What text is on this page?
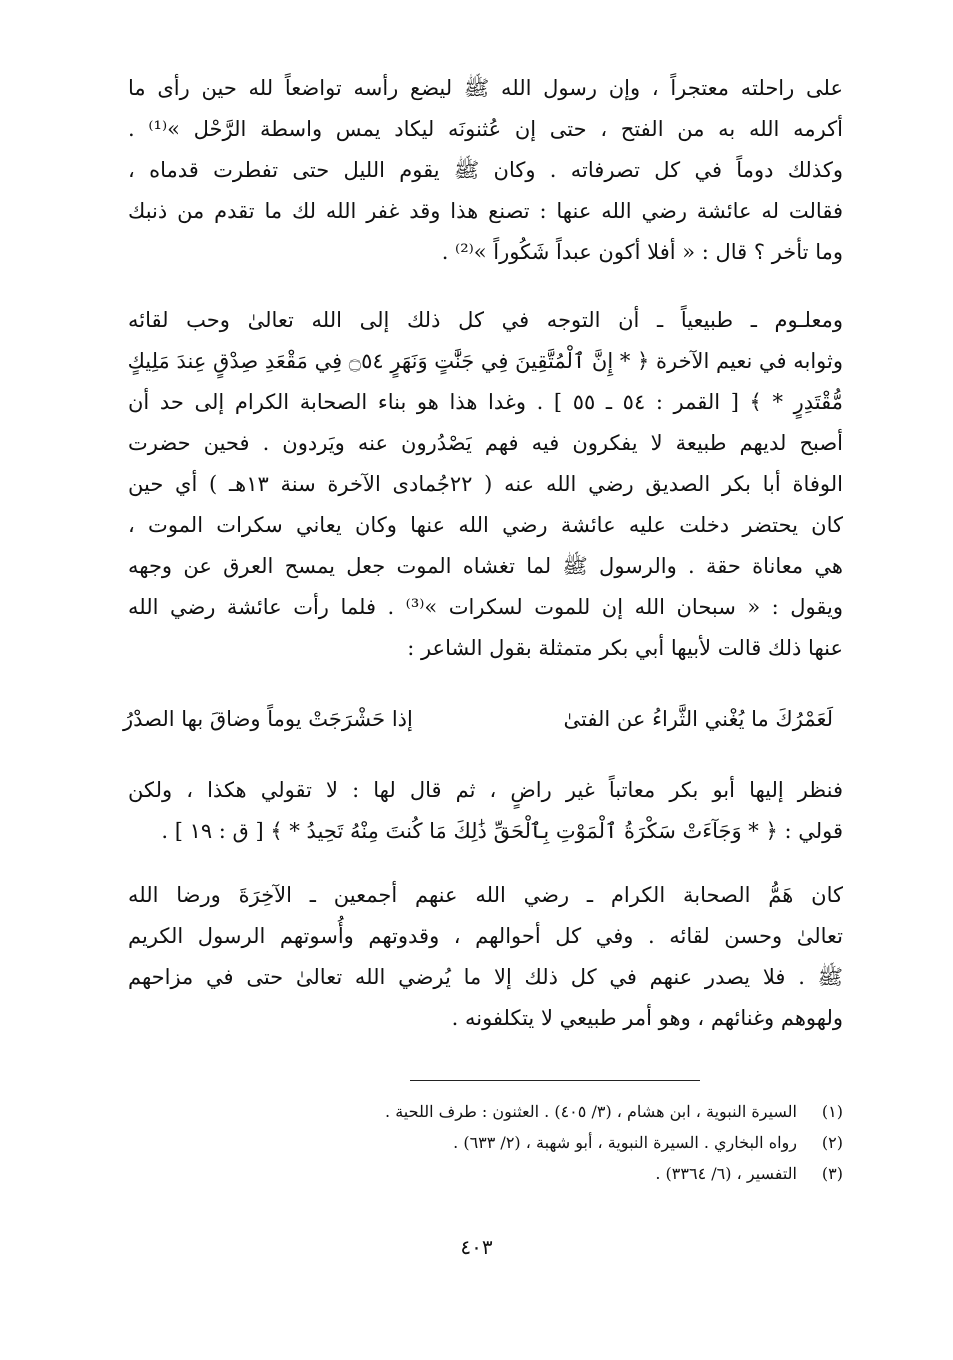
على راحلته معتجراً ، وإن رسول الله ﷺ ليضع رأسه تواضعاً لله حين رأى ما
أكرمه الله به من الفتح ، حتى إن عُثنونَه ليكاد يمس واسطة الرَّحْل »⁽¹⁾ .
وكذلك دوماً في كل تصرفاته . وكان ﷺ يقوم الليل حتى تفطرت قدماه ،
فقالت له عائشة رضي الله عنها : تصنع هذا وقد غفر الله لك ما تقدم من ذنبك
وما تأخر ؟ قال : « أفلا أكون عبداً شَكُوراً »⁽²⁾ .
ومعلـوم ـ طبيعياً ـ أن التوجه في كل ذلك إلى الله تعالىٰ وحب لقائه
وثوابه في نعيم الآخرة ﴿ * إِنَّ ٱلْمُتَّقِينَ فِي جَنَّٰتٍ وَنَهَرٍ ۝٥٤ فِي مَقْعَدِ صِدْقٍ عِندَ مَلِيكٍ
مُّقْتَدِرٍ * ﴾ [ القمر : ٥٤ ـ ٥٥ ] . وغدا هذا هو بناء الصحابة الكرام إلى حد أن
أصبح لديهم طبيعة لا يفكرون فيه فهم يَصْدُرون عنه ويَردون . فحين حضرت
الوفاة أبا بكر الصديق رضي الله عنه ( ٢٢جُمادى الآخرة سنة ١٣هـ ) أي حين
كان يحتضر دخلت عليه عائشة رضي الله عنها وكان يعاني سكرات الموت ،
هي معاناة حقة . والرسول ﷺ لما تغشاه الموت جعل يمسح العرق عن وجهه
ويقول : « سبحان الله إن للموت لسكرات »⁽³⁾ . فلما رأت عائشة رضي الله
عنها ذلك قالت لأبيها أبي بكر متمثلة بقول الشاعر :
لَعَمْرُكَ ما يُغْني الثَّراءُ عن الفتىٰ
إذا حَشْرَجَتْ يوماً وضاقَ بها الصدْرُ
فنظر إليها أبو بكر معاتباً غير راضٍ ، ثم قال لها : لا تقولي هكذا ، ولكن
قولي : ﴿ * وَجَآءَتْ سَكْرَةُ ٱلْمَوْتِ بِٱلْحَقِّ ذَٰلِكَ مَا كُنتَ مِنْهُ تَحِيدُ * ﴾ [ ق : ١٩ ] .
كان هَمُّ الصحابة الكرام ـ رضي الله عنهم أجمعين ـ الآخِرَةَ ورضا الله
تعالىٰ وحسن لقائه . وفي كل أحوالهم ، وقدوتهم وأُسوتهم الرسول الكريم
ﷺ . فلا يصدر عنهم في كل ذلك إلا ما يُرضي الله تعالىٰ حتى في مزاحهم
ولهوهم وغنائهم ، وهو أمر طبيعي لا يتكلفونه .
(١)السيرة النبوية ، ابن هشام ، (٣/ ٤٠٥) . العثنون : طرف اللحية .
(٢)رواه البخاري . السيرة النبوية ، أبو شهبة ، (٢/ ٦٣٣) .
(٣)التفسير ، (٦/ ٣٣٦٤) .
٤٠٣
